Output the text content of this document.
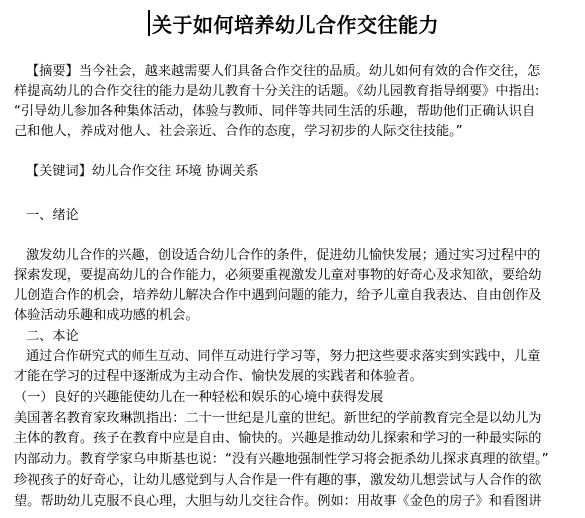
关于如何培养幼儿合作交往能力
【摘要】当今社会，越来越需要人们具备合作交往的品质。幼儿如何有效的合作交往，怎
样提高幼儿的合作交往的能力是幼儿教育十分关注的话题。《幼儿园教育指导纲要》中指出:
“引导幼儿参加各种集体活动，体验与教师、同伴等共同生活的乐趣，帮助他们正确认识自
己和他人，养成对他人、社会亲近、合作的态度，学习初步的人际交往技能。”
【关键词】幼儿合作交往 环境 协调关系
一、绪论
激发幼儿合作的兴趣，创设适合幼儿合作的条件，促进幼儿愉快发展；通过实习过程中的
探索发现，要提高幼儿的合作能力，必须要重视激发儿童对事物的好奇心及求知欲，要给幼
儿创造合作的机会，培养幼儿解决合作中遇到问题的能力，给予儿童自我表达、自由创作及
体验活动乐趣和成功感的机会。
二、本论
通过合作研究式的师生互动、同伴互动进行学习等，努力把这些要求落实到实践中，儿童
才能在学习的过程中逐渐成为主动合作、愉快发展的实践者和体验者。
（一）良好的兴趣能使幼儿在一种轻松和娱乐的心境中获得发展
美国著名教育家玫琳凯指出：二十一世纪是儿童的世纪。新世纪的学前教育完全是以幼儿为
主体的教育。孩子在教育中应是自由、愉快的。兴趣是推动幼儿探索和学习的一种最实际的
内部动力。教育学家乌申斯基也说：“没有兴趣地强制性学习将会扼杀幼儿探求真理的欲望。”
珍视孩子的好奇心，让幼儿感觉到与人合作是一件有趣的事，激发幼儿想尝试与人合作的欲
望。帮助幼儿克服不良心理，大胆与幼儿交往合作。例如：用故事《金色的房子》和看图讲
